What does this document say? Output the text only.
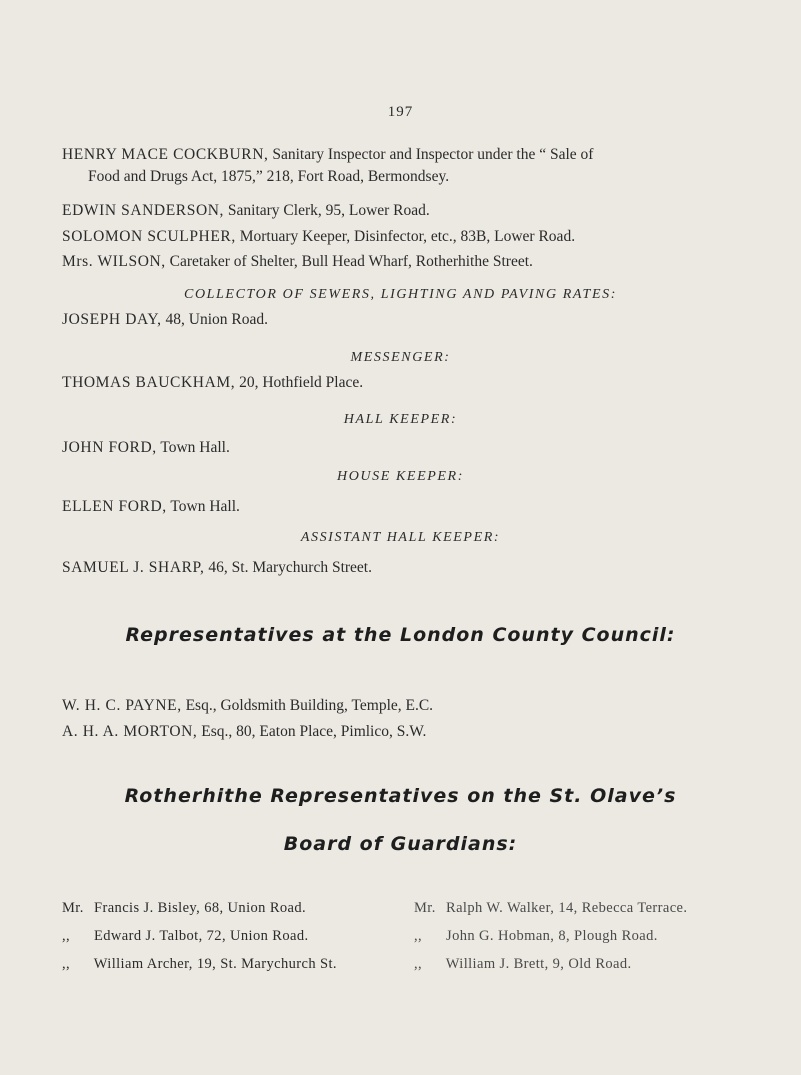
197
HENRY MACE COCKBURN, Sanitary Inspector and Inspector under the “ Sale of
Food and Drugs Act, 1875,” 218, Fort Road, Bermondsey.
EDWIN SANDERSON, Sanitary Clerk, 95, Lower Road.
SOLOMON SCULPHER, Mortuary Keeper, Disinfector, etc., 83B, Lower Road.
Mrs. WILSON, Caretaker of Shelter, Bull Head Wharf, Rotherhithe Street.
COLLECTOR OF SEWERS, LIGHTING AND PAVING RATES:
JOSEPH DAY, 48, Union Road.
MESSENGER:
THOMAS BAUCKHAM, 20, Hothfield Place.
HALL KEEPER:
JOHN FORD, Town Hall.
HOUSE KEEPER:
ELLEN FORD, Town Hall.
ASSISTANT HALL KEEPER:
SAMUEL J. SHARP, 46, St. Marychurch Street.
Representatives at the London County Council:
W. H. C. PAYNE, Esq., Goldsmith Building, Temple, E.C.
A. H. A. MORTON, Esq., 80, Eaton Place, Pimlico, S.W.
Rotherhithe Representatives on the St. Olave’s
Board of Guardians:
Mr. Francis J. Bisley, 68, Union Road.
,, Edward J. Talbot, 72, Union Road.
,, William Archer, 19, St. Marychurch St.
Mr. Ralph W. Walker, 14, Rebecca Terrace.
,, John G. Hobman, 8, Plough Road.
,, William J. Brett, 9, Old Road.
